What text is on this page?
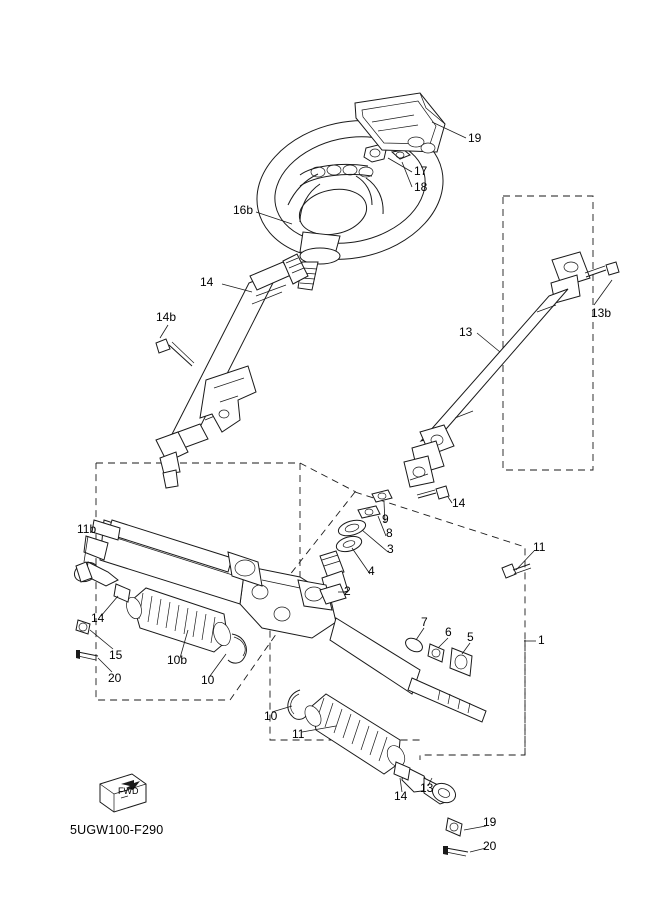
16b
17
18
19
14
14b
13
13b
14
9
8
3
4
2
7
6 5	1
11
11b
14
15
20
10b
10
10
11
14
13
19
20
5UGW100-F290
FWD
